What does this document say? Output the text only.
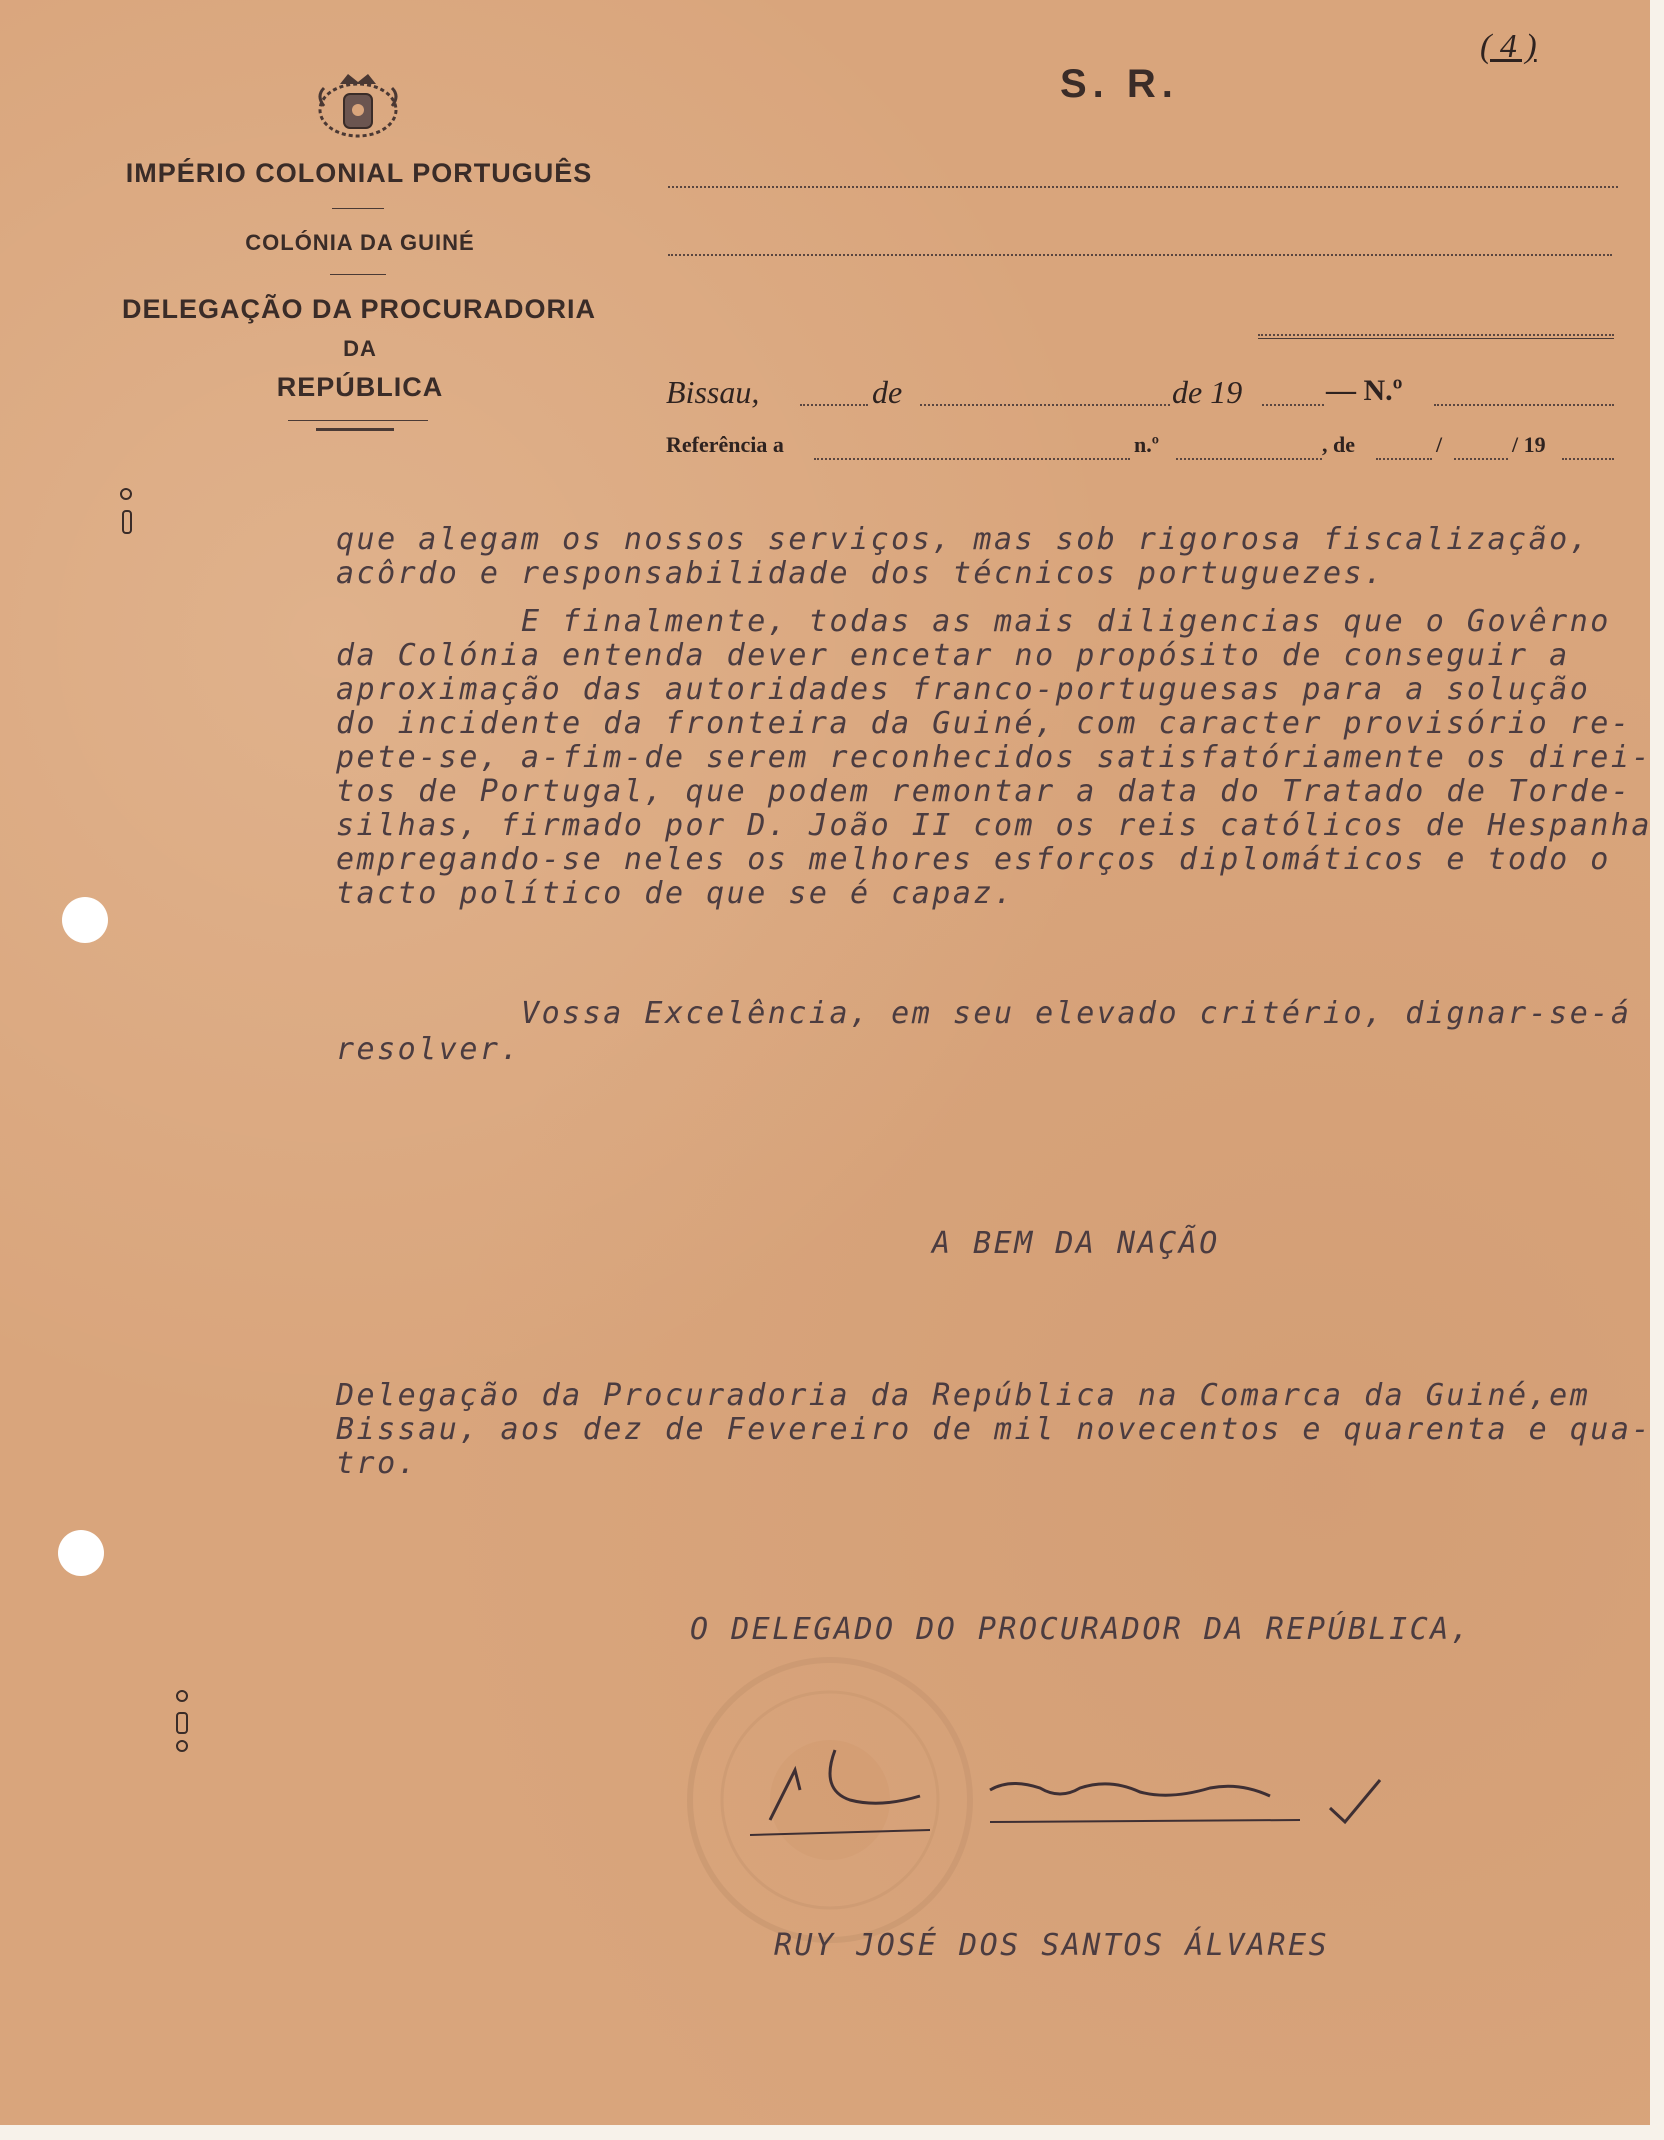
( 4 )
S. R.
IMPÉRIO COLONIAL PORTUGUÊS
COLÓNIA DA GUINÉ
DELEGAÇÃO DA PROCURADORIA
DA
REPÚBLICA	Bissau,	de	de 19	— N.º
Referência a	n.º	, de	/	/ 19
que alegam os nossos serviços, mas sob rigorosa fiscalização,
acôrdo e responsabilidade dos técnicos portuguezes.
E finalmente, todas as mais diligencias que o Govêrno
da Colónia entenda dever encetar no propósito de conseguir a
aproximação das autoridades franco-portuguesas para a solução
do incidente da fronteira da Guiné, com caracter provisório re-
pete-se, a-fim-de serem reconhecidos satisfatóriamente os direi-
tos de Portugal, que podem remontar a data do Tratado de Torde-
silhas, firmado por D. João II com os reis católicos de Hespanha
empregando-se neles os melhores esforços diplomáticos e todo o
tacto político de que se é capaz.
Vossa Excelência, em seu elevado critério, dignar-se-á
resolver.
A BEM DA NAÇÃO
Delegação da Procuradoria da República na Comarca da Guiné,em
Bissau, aos dez de Fevereiro de mil novecentos e quarenta e qua-
tro.
O DELEGADO DO PROCURADOR DA REPÚBLICA,
RUY JOSÉ DOS SANTOS ÁLVARES
